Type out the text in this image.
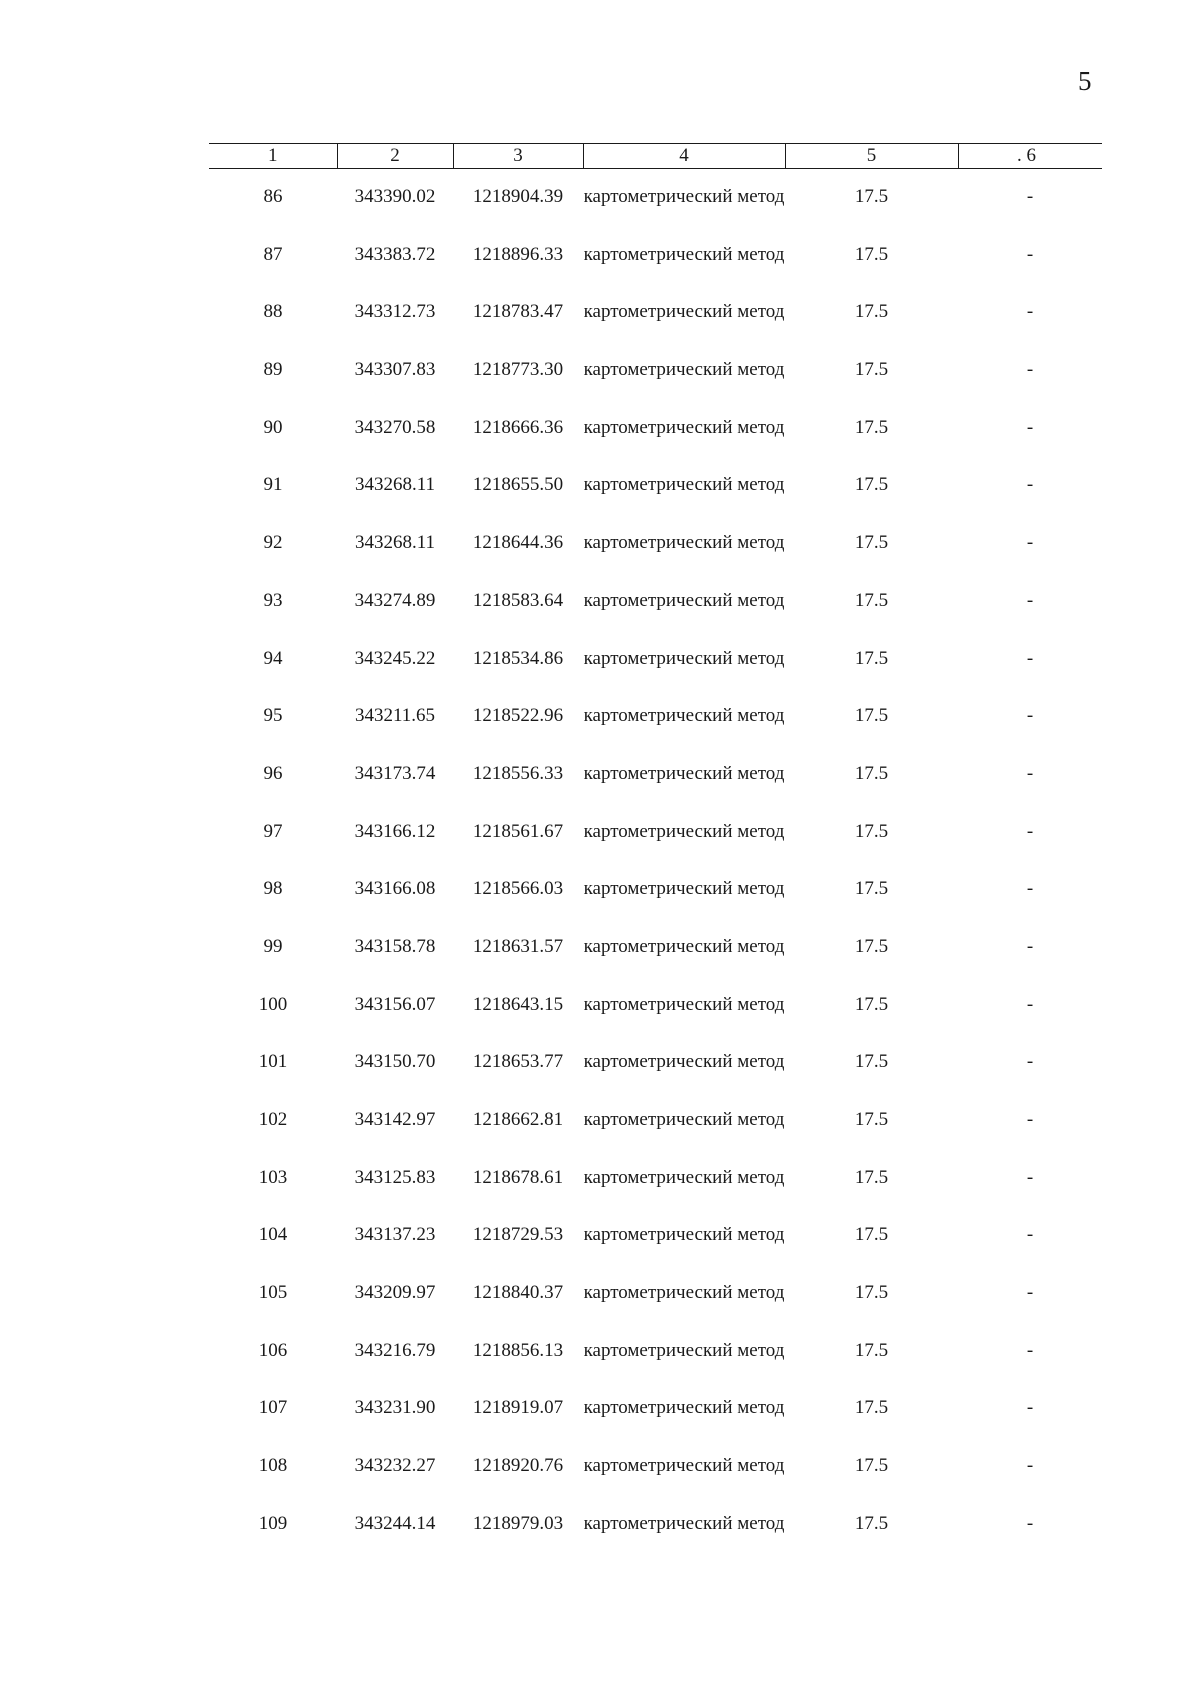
5
1	2	3	4	5	. 6
86	343390.02	1218904.39	картометрический метод	17.5	-
87	343383.72	1218896.33	картометрический метод	17.5	-
88	343312.73	1218783.47	картометрический метод	17.5	-
89	343307.83	1218773.30	картометрический метод	17.5	-
90	343270.58	1218666.36	картометрический метод	17.5	-
91	343268.11	1218655.50	картометрический метод	17.5	-
92	343268.11	1218644.36	картометрический метод	17.5	-
93	343274.89	1218583.64	картометрический метод	17.5	-
94	343245.22	1218534.86	картометрический метод	17.5	-
95	343211.65	1218522.96	картометрический метод	17.5	-
96	343173.74	1218556.33	картометрический метод	17.5	-
97	343166.12	1218561.67	картометрический метод	17.5	-
98	343166.08	1218566.03	картометрический метод	17.5	-
99	343158.78	1218631.57	картометрический метод	17.5	-
100	343156.07	1218643.15	картометрический метод	17.5	-
101	343150.70	1218653.77	картометрический метод	17.5	-
102	343142.97	1218662.81	картометрический метод	17.5	-
103	343125.83	1218678.61	картометрический метод	17.5	-
104	343137.23	1218729.53	картометрический метод	17.5	-
105	343209.97	1218840.37	картометрический метод	17.5	-
106	343216.79	1218856.13	картометрический метод	17.5	-
107	343231.90	1218919.07	картометрический метод	17.5	-
108	343232.27	1218920.76	картометрический метод	17.5	-
109	343244.14	1218979.03	картометрический метод	17.5	-
